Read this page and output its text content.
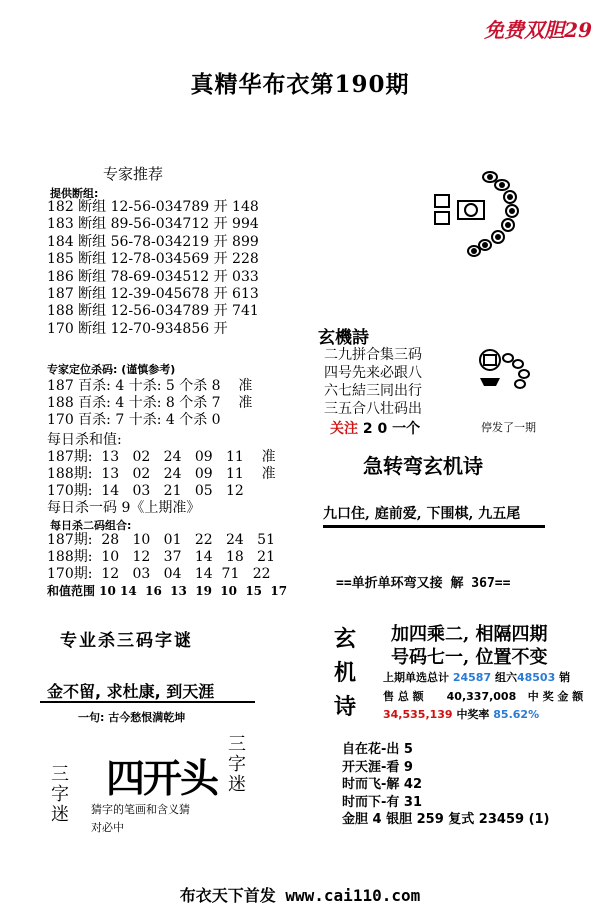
免费双胆29
真精华布衣第190期
专家推荐
提供断组:
182 断组 12-56-034789 开 148
183 断组 89-56-034712 开 994
184 断组 56-78-034219 开 899
185 断组 12-78-034569 开 228
186 断组 78-69-034512 开 033
187 断组 12-39-045678 开 613
188 断组 12-56-034789 开 741
170 断组 12-70-934856 开
专家定位杀码: (谨慎参考)
187 百杀: 4 十杀: 5 个杀 8    准
188 百杀: 4 十杀: 8 个杀 7    准
170 百杀: 7 十杀: 4 个杀 0
每日杀和值:
187期:  13   02   24   09   11    准
188期:  13   02   24   09   11    准
170期:  14   03   21   05   12
每日杀一码 9《上期准》
每日杀二码组合:
187期:  28   10   01   22   24   51
188期:  10   12   37   14   18   21
170期:  12   03   04   14  71   22
和值范围 10 14  16  13  19  10  15  17
专业杀三码字谜
金不留, 求杜康, 到天涯
一句: 古今愁恨满乾坤
三字迷	三字迷
四开头
猜字的笔画和含义猜
对必中
玄機詩
二九拼合集三码
四号先来必跟八
六七結三同出行
三五合八壮码出
关注 2 0 一个	停发了一期
急转弯玄机诗
九口住, 庭前爱, 下围棋, 九五尾
==单折单环弯又接 解 367==
玄
机
诗
加四乘二, 相隔四期
号码七一, 位置不变
上期单选总计 24587 组六48503 销
售 总 额 40,337,008 中 奖 金 额
34,535,139 中奖率 85.62%
自在花-出 5
开天涯-看 9
时而飞-解 42
时而下-有 31
金胆 4 银胆 259 复式 23459 (1)
布衣天下首发 www.cai110.com
